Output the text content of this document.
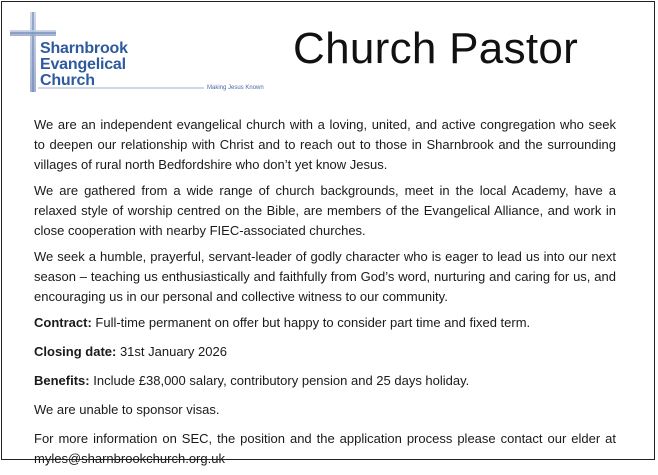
Sharnbrook
Evangelical
Church	Making Jesus Known
Church Pastor

We are an independent evangelical church with a loving, united, and active congregation who seek to deepen our relationship with Christ and to reach out to those in Sharnbrook and the surrounding villages of rural north Bedfordshire who don’t yet know Jesus.

We are gathered from a wide range of church backgrounds, meet in the local Academy, have a relaxed style of worship centred on the Bible, are members of the Evangelical Alliance, and work in close cooperation with nearby FIEC-associated churches.

We seek a humble, prayerful, servant-leader of godly character who is eager to lead us into our next season – teaching us enthusiastically and faithfully from God’s word, nurturing and caring for us, and encouraging us in our personal and collective witness to our community.

Contract: Full-time permanent on offer but happy to consider part time and fixed term.

Closing date: 31st January 2026

Benefits: Include £38,000 salary, contributory pension and 25 days holiday.

We are unable to sponsor visas.

For more information on SEC, the position and the application process please contact our elder at myles@sharnbrookchurch.org.uk
